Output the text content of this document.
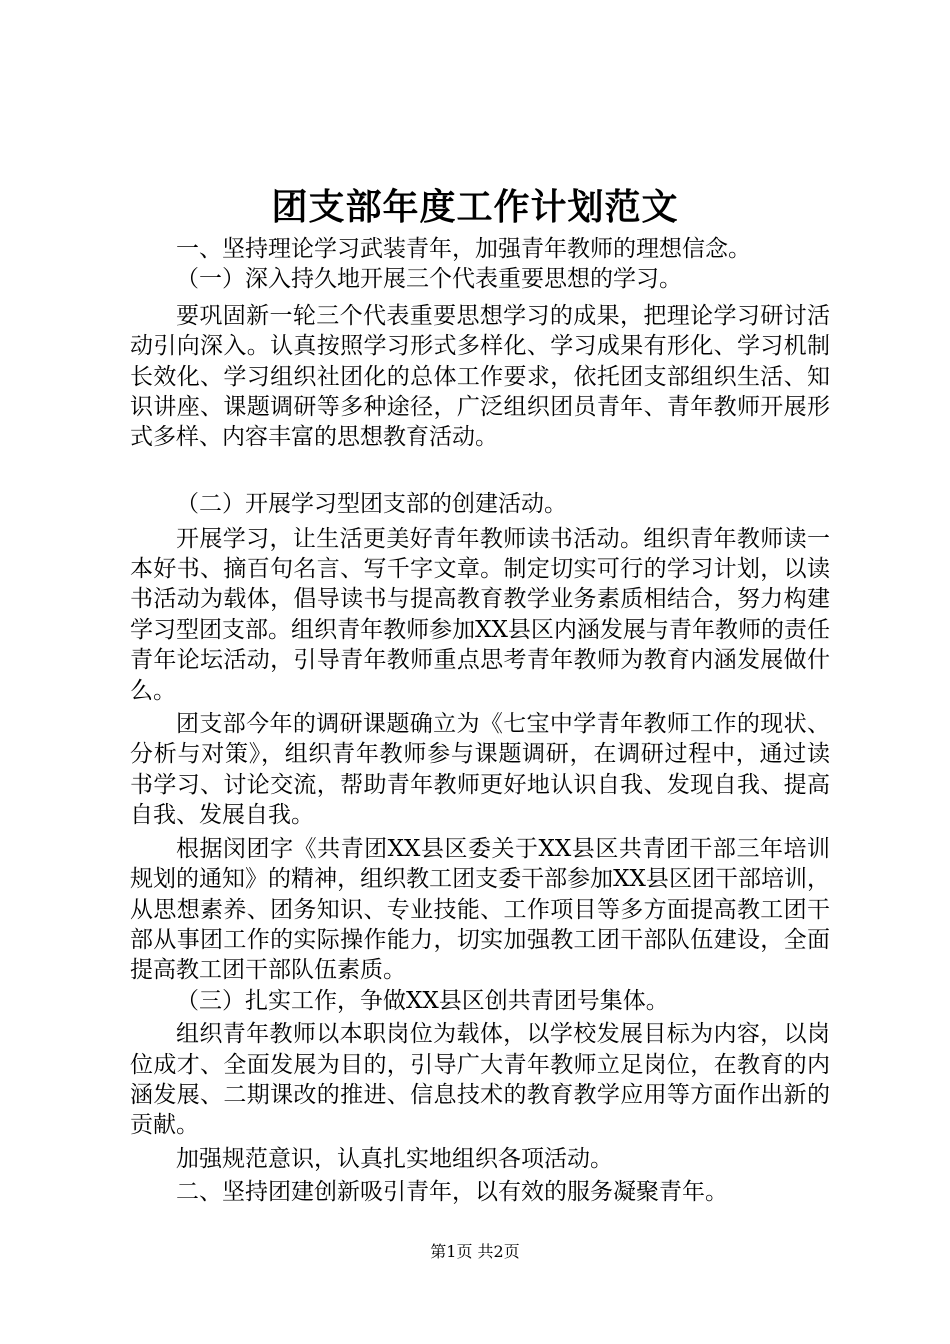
团支部年度工作计划范文

一、坚持理论学习武装青年，加强青年教师的理想信念。

（一）深入持久地开展三个代表重要思想的学习。

要巩固新一轮三个代表重要思想学习的成果，把理论学习研讨活动引向深入。认真按照学习形式多样化、学习成果有形化、学习机制长效化、学习组织社团化的总体工作要求，依托团支部组织生活、知识讲座、课题调研等多种途径，广泛组织团员青年、青年教师开展形式多样、内容丰富的思想教育活动。

（二）开展学习型团支部的创建活动。

开展学习，让生活更美好青年教师读书活动。组织青年教师读一本好书、摘百句名言、写千字文章。制定切实可行的学习计划，以读书活动为载体，倡导读书与提高教育教学业务素质相结合，努力构建学习型团支部。组织青年教师参加XX县区内涵发展与青年教师的责任青年论坛活动，引导青年教师重点思考青年教师为教育内涵发展做什么。

团支部今年的调研课题确立为《七宝中学青年教师工作的现状、分析与对策》，组织青年教师参与课题调研，在调研过程中，通过读书学习、讨论交流，帮助青年教师更好地认识自我、发现自我、提高自我、发展自我。

根据闵团字《共青团XX县区委关于XX县区共青团干部三年培训规划的通知》的精神，组织教工团支委干部参加XX县区团干部培训，从思想素养、团务知识、专业技能、工作项目等多方面提高教工团干部从事团工作的实际操作能力，切实加强教工团干部队伍建设，全面提高教工团干部队伍素质。

（三）扎实工作，争做XX县区创共青团号集体。

组织青年教师以本职岗位为载体，以学校发展目标为内容，以岗位成才、全面发展为目的，引导广大青年教师立足岗位，在教育的内涵发展、二期课改的推进、信息技术的教育教学应用等方面作出新的贡献。

加强规范意识，认真扎实地组织各项活动。

二、坚持团建创新吸引青年，以有效的服务凝聚青年。

第1页 共2页
